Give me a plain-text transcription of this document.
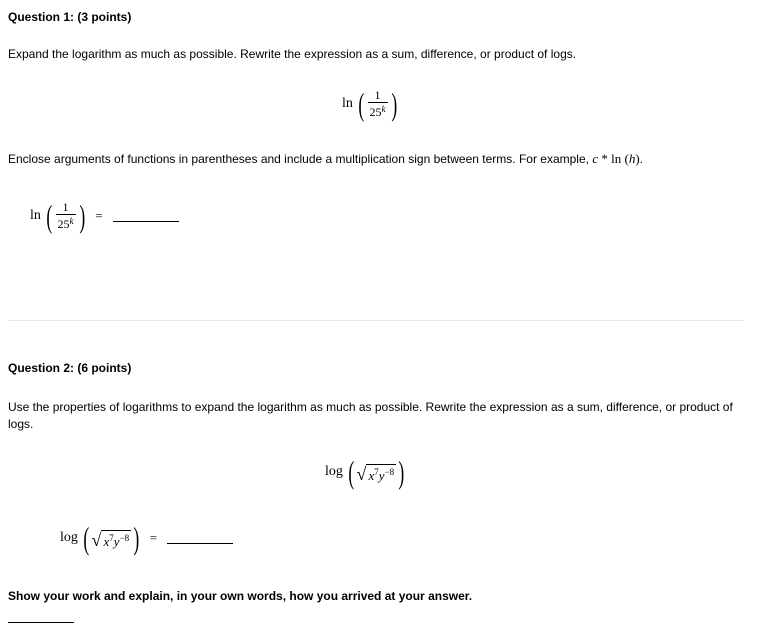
Question 1: (3 points)
Expand the logarithm as much as possible. Rewrite the expression as a sum, difference, or product of logs.
ln ( $\frac{1}{25^k}$ )
Enclose arguments of functions in parentheses and include a multiplication sign between terms. For example, c * ln (h).
ln ( $\frac{1}{25^k}$ ) =
Question 2: (6 points)
Use the properties of logarithms to expand the logarithm as much as possible. Rewrite the expression as a sum, difference, or product of logs.
log ( √ $x^7y^{-8}$ )
log ( √ $x^7y^{-8}$ ) =
Show your work and explain, in your own words, how you arrived at your answer.
